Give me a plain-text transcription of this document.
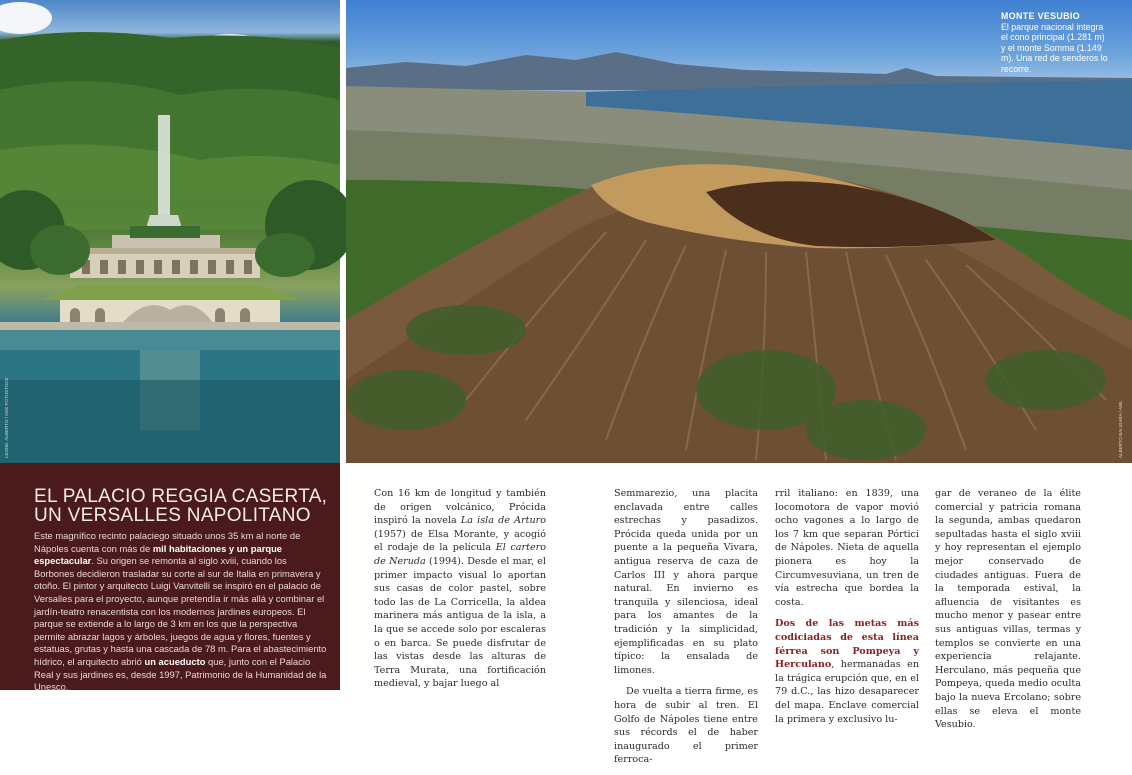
LEONE. ALBERTO / AGE FOTOSTOCK	ALBERTO BALIGARA / AWL
MONTE VESUBIO
El parque nacional integra el cono principal (1.281 m) y el monte Somma (1.149 m). Una red de senderos lo recorre.
EL PALACIO REGGIA CASERTA,
UN VERSALLES NAPOLITANO

Este magnífico recinto palaciego situado unos 35 km al norte de Nápoles cuenta con más de mil habitaciones y un parque espectacular. Su origen se remonta al siglo xviii, cuando los Borbones decidieron trasladar su corte al sur de Italia en primavera y otoño. El pintor y arquitecto Luigi Vanvitelli se inspiró en el palacio de Versalles para el proyecto, aunque pretendía ir más allá y combinar el jardín-teatro renacentista con los modernos jardines europeos. El parque se extiende a lo largo de 3 km en los que la perspectiva permite abrazar lagos y árboles, juegos de agua y flores, fuentes y estatuas, grutas y hasta una cascada de 78 m. Para el abastecimiento hídrico, el arquitecto abrió un acueducto que, junto con el Palacio Real y sus jardines es, desde 1997, Patrimonio de la Humanidad de la Unesco.

Con 16 km de longitud y también de origen volcánico, Prócida inspiró la novela La isla de Arturo (1957) de Elsa Morante, y acogió el rodaje de la película El cartero de Neruda (1994). Desde el mar, el primer impacto visual lo aportan sus casas de color pastel, sobre todo las de La Corricella, la aldea marinera más antigua de la isla, a la que se accede solo por escaleras o en barca. Se puede disfrutar de las vistas desde las alturas de Terra Murata, una fortificación medieval, y bajar luego al

Semmarezio, una placita enclavada entre calles estrechas y pasadizos. Prócida queda unida por un puente a la pequeña Vivara, antigua reserva de caza de Carlos III y ahora parque natural. En invierno es tranquila y silenciosa, ideal para los amantes de la tradición y la simplicidad, ejemplificadas en su plato típico: la ensalada de limones.

De vuelta a tierra firme, es hora de subir al tren. El Golfo de Nápoles tiene entre sus récords el de haber inaugurado el primer ferroca-

rril italiano: en 1839, una locomotora de vapor movió ocho vagones a lo largo de los 7 km que separan Pórtici de Nápoles. Nieta de aquella pionera es hoy la Circumvesuviana, un tren de vía estrecha que bordea la costa.

Dos de las metas más codiciadas de esta línea férrea son Pompeya y Herculano, hermanadas en la trágica erupción que, en el 79 d.C., las hizo desaparecer del mapa. Enclave comercial la primera y exclusivo lu-

gar de veraneo de la élite comercial y patricia romana la segunda, ambas quedaron sepultadas hasta el siglo xviii y hoy representan el ejemplo mejor conservado de ciudades antiguas. Fuera de la temporada estival, la afluencia de visitantes es mucho menor y pasear entre sus antiguas villas, termas y templos se convierte en una experiencia relajante. Herculano, más pequeña que Pompeya, queda medio oculta bajo la nueva Ercolano; sobre ellas se eleva el monte Vesubio.
